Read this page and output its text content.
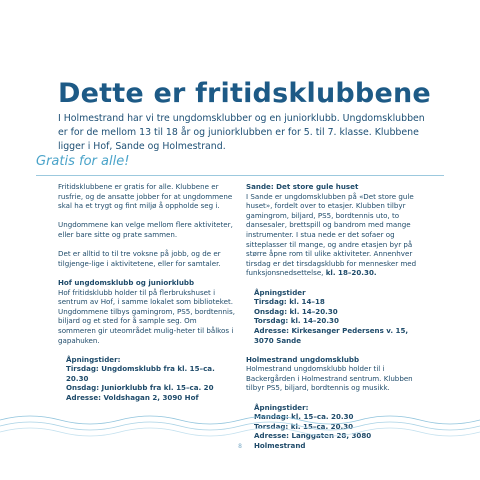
Dette er fritidsklubbene
I Holmestrand har vi tre ungdomsklubber og en juniorklubb. Ungdomsklubben er for de mellom 13 til 18 år og juniorklubben er for 5. til 7. klasse. Klubbene ligger i Hof, Sande og Holmestrand.
Gratis for alle!

Fritidsklubbene er gratis for alle. Klubbene er rusfrie, og de ansatte jobber for at ungdommene skal ha et trygt og fint miljø å oppholde seg i.

Ungdommene kan velge mellom flere aktiviteter, eller bare sitte og prate sammen.

Det er alltid to til tre voksne på jobb, og de er tilgjenge-lige i aktivitetene, eller for samtaler.

Hof ungdomsklubb og juniorklubb
Hof fritidsklubb holder til på flerbrukshuset i sentrum av Hof, i samme lokalet som biblioteket. Ungdommene tilbys gamingrom, PS5, bordtennis, biljard og et sted for å sample seg. Om sommeren gir uteområdet mulig-heter til bålkos i gapahuken.

Åpningstider:
Tirsdag: Ungdomsklubb fra kl. 15–ca. 20.30
Onsdag: Juniorklubb fra kl. 15–ca. 20
Adresse: Voldshagan 2, 3090 Hof

Sande: Det store gule huset
I Sande er ungdomsklubben på «Det store gule huset», fordelt over to etasjer. Klubben tilbyr gamingrom, biljard, PS5, bordtennis uto, to dansesaler, brettspill og bandrom med mange instrumenter. I stua nede er det sofaer og sitteplasser til mange, og andre etasjen byr på større åpne rom til ulike aktiviteter. Annenhver tirsdag er det tirsdagsklubb for mennesker med funksjonsnedsettelse, kl. 18–20.30.

Åpningstider
Tirsdag: kl. 14–18
Onsdag: kl. 14–20.30
Torsdag: kl. 14–20.30
Adresse: Kirkesanger Pedersens v. 15, 3070 Sande

Holmestrand ungdomsklubb
Holmestrand ungdomsklubb holder til i Backergården i Holmestrand sentrum. Klubben tilbyr PS5, biljard, bordtennis og musikk.

Åpningstider:
Mandag: kl. 15–ca. 20.30
Torsdag: kl. 15–ca. 20.30
Adresse: Langgaten 28, 3080 Holmestrand
8
